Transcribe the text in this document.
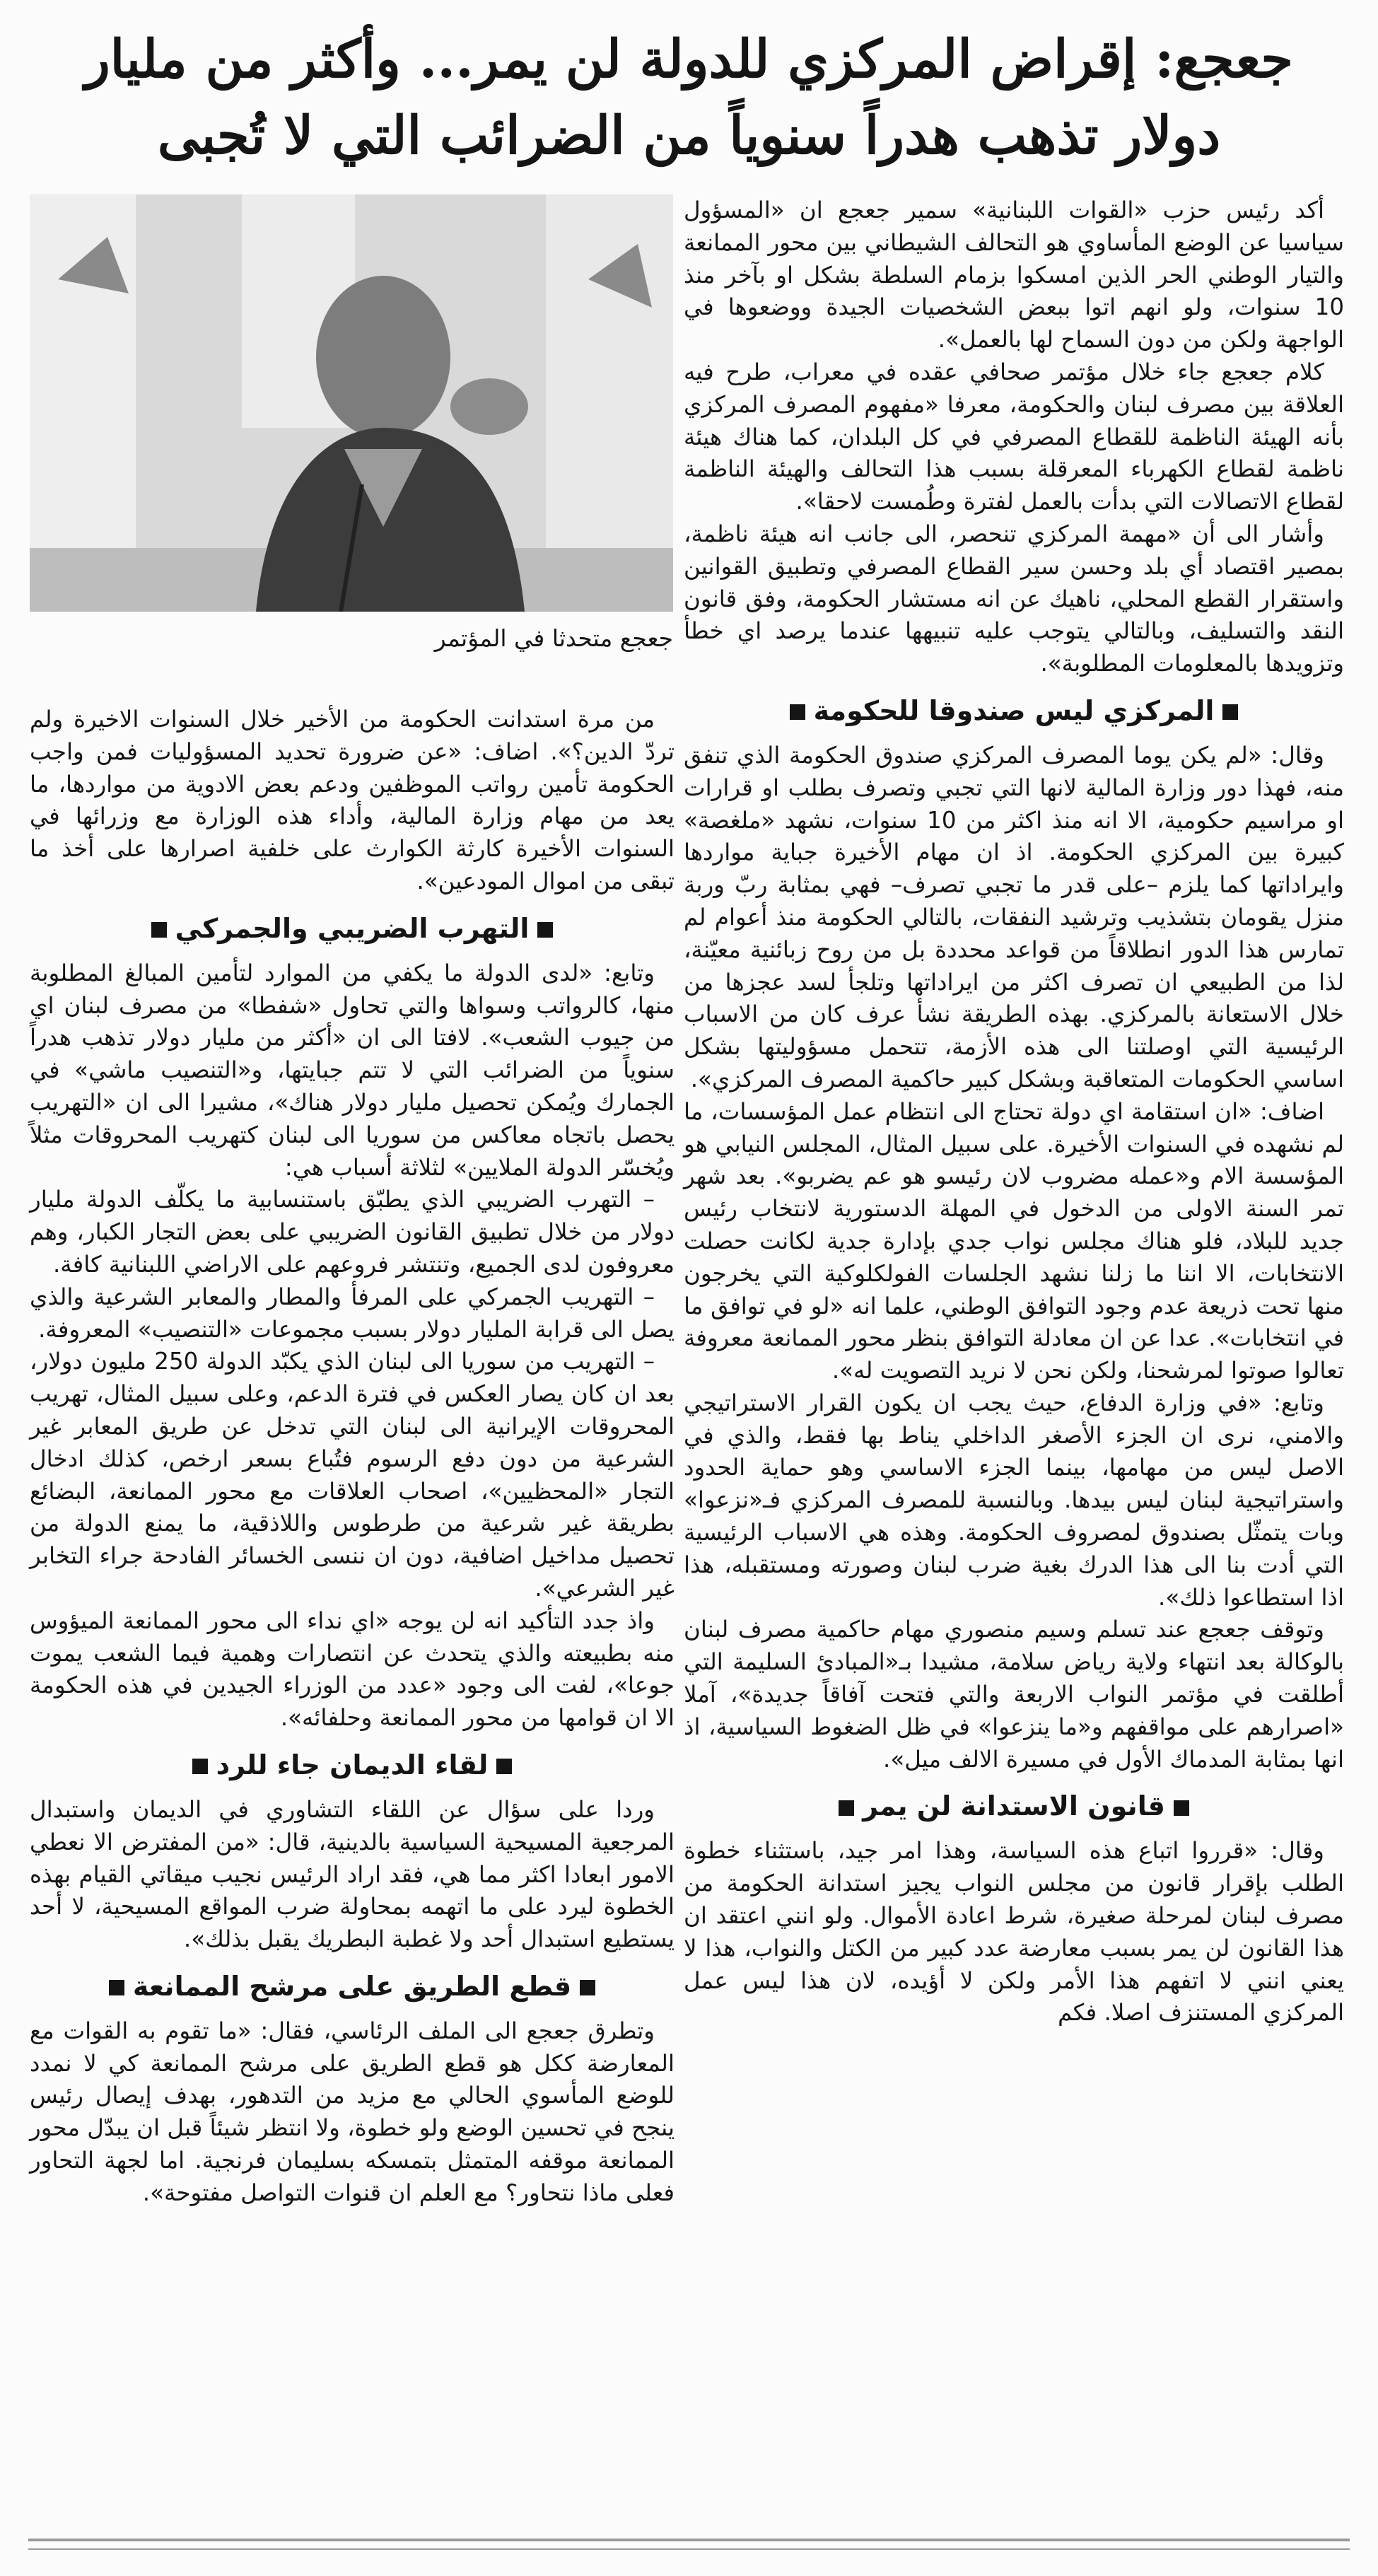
جعجع: إقراض المركزي للدولة لن يمر... وأكثر من مليار
دولار تذهب هدراً سنوياً من الضرائب التي لا تُجبى
جعجع متحدثا في المؤتمر

أكد رئيس حزب «القوات اللبنانية» سمير جعجع ان «المسؤول سياسيا عن الوضع المأساوي هو التحالف الشيطاني بين محور الممانعة والتيار الوطني الحر الذين امسكوا بزمام السلطة بشكل او بآخر منذ 10 سنوات، ولو انهم اتوا ببعض الشخصيات الجيدة ووضعوها في الواجهة ولكن من دون السماح لها بالعمل».

كلام جعجع جاء خلال مؤتمر صحافي عقده في معراب، طرح فيه العلاقة بين مصرف لبنان والحكومة، معرفا «مفهوم المصرف المركزي بأنه الهيئة الناظمة للقطاع المصرفي في كل البلدان، كما هناك هيئة ناظمة لقطاع الكهرباء المعرقلة بسبب هذا التحالف والهيئة الناظمة لقطاع الاتصالات التي بدأت بالعمل لفترة وطُمست لاحقا».

وأشار الى أن «مهمة المركزي تنحصر، الى جانب انه هيئة ناظمة، بمصير اقتصاد أي بلد وحسن سير القطاع المصرفي وتطبيق القوانين واستقرار القطع المحلي، ناهيك عن انه مستشار الحكومة، وفق قانون النقد والتسليف، وبالتالي يتوجب عليه تنبيهها عندما يرصد اي خطأ وتزويدها بالمعلومات المطلوبة».

المركزي ليس صندوقا للحكومة

وقال: «لم يكن يوما المصرف المركزي صندوق الحكومة الذي تنفق منه، فهذا دور وزارة المالية لانها التي تجبي وتصرف بطلب او قرارات او مراسيم حكومية، الا انه منذ اكثر من 10 سنوات، نشهد «ملغصة» كبيرة بين المركزي الحكومة. اذ ان مهام الأخيرة جباية مواردها وايراداتها كما يلزم –على قدر ما تجبي تصرف– فهي بمثابة ربّ وربة منزل يقومان بتشذيب وترشيد النفقات، بالتالي الحكومة منذ أعوام لم تمارس هذا الدور انطلاقاً من قواعد محددة بل من روح زبائنية معيّنة، لذا من الطبيعي ان تصرف اكثر من ايراداتها وتلجأ لسد عجزها من خلال الاستعانة بالمركزي. بهذه الطريقة نشأ عرف كان من الاسباب الرئيسية التي اوصلتنا الى هذه الأزمة، تتحمل مسؤوليتها بشكل اساسي الحكومات المتعاقبة وبشكل كبير حاكمية المصرف المركزي».

اضاف: «ان استقامة اي دولة تحتاج الى انتظام عمل المؤسسات، ما لم نشهده في السنوات الأخيرة. على سبيل المثال، المجلس النيابي هو المؤسسة الام و«عمله مضروب لان رئيسو هو عم يضربو». بعد شهر تمر السنة الاولى من الدخول في المهلة الدستورية لانتخاب رئيس جديد للبلاد، فلو هناك مجلس نواب جدي بإدارة جدية لكانت حصلت الانتخابات، الا اننا ما زلنا نشهد الجلسات الفولكلوكية التي يخرجون منها تحت ذريعة عدم وجود التوافق الوطني، علما انه «لو في توافق ما في انتخابات». عدا عن ان معادلة التوافق بنظر محور الممانعة معروفة تعالوا صوتوا لمرشحنا، ولكن نحن لا نريد التصويت له».

وتابع: «في وزارة الدفاع، حيث يجب ان يكون القرار الاستراتيجي والامني، نرى ان الجزء الأصغر الداخلي يناط بها فقط، والذي في الاصل ليس من مهامها، بينما الجزء الاساسي وهو حماية الحدود واستراتيجية لبنان ليس بيدها. وبالنسبة للمصرف المركزي فـ«نزعوا» وبات يتمثّل بصندوق لمصروف الحكومة. وهذه هي الاسباب الرئيسية التي أدت بنا الى هذا الدرك بغية ضرب لبنان وصورته ومستقبله، هذا اذا استطاعوا ذلك».

وتوقف جعجع عند تسلم وسيم منصوري مهام حاكمية مصرف لبنان بالوكالة بعد انتهاء ولاية رياض سلامة، مشيدا بـ«المبادئ السليمة التي أطلقت في مؤتمر النواب الاربعة والتي فتحت آفاقاً جديدة»، آملا «اصرارهم على مواقفهم و«ما ينزعوا» في ظل الضغوط السياسية، اذ انها بمثابة المدماك الأول في مسيرة الالف ميل».

قانون الاستدانة لن يمر

وقال: «قرروا اتباع هذه السياسة، وهذا امر جيد، باستثناء خطوة الطلب بإقرار قانون من مجلس النواب يجيز استدانة الحكومة من مصرف لبنان لمرحلة صغيرة، شرط اعادة الأموال. ولو انني اعتقد ان هذا القانون لن يمر بسبب معارضة عدد كبير من الكتل والنواب، هذا لا يعني انني لا اتفهم هذا الأمر ولكن لا أؤيده، لان هذا ليس عمل المركزي المستنزف اصلا. فكم

من مرة استدانت الحكومة من الأخير خلال السنوات الاخيرة ولم تردّ الدين؟». اضاف: «عن ضرورة تحديد المسؤوليات فمن واجب الحكومة تأمين رواتب الموظفين ودعم بعض الادوية من مواردها، ما يعد من مهام وزارة المالية، وأداء هذه الوزارة مع وزرائها في السنوات الأخيرة كارثة الكوارث على خلفية اصرارها على أخذ ما تبقى من اموال المودعين».

التهرب الضريبي والجمركي

وتابع: «لدى الدولة ما يكفي من الموارد لتأمين المبالغ المطلوبة منها، كالرواتب وسواها والتي تحاول «شفطا» من مصرف لبنان اي من جيوب الشعب». لافتا الى ان «أكثر من مليار دولار تذهب هدراً سنوياً من الضرائب التي لا تتم جبايتها، و«التنصيب ماشي» في الجمارك ويُمكن تحصيل مليار دولار هناك»، مشيرا الى ان «التهريب يحصل باتجاه معاكس من سوريا الى لبنان كتهريب المحروقات مثلاً ويُخسّر الدولة الملايين» لثلاثة أسباب هي:

– التهرب الضريبي الذي يطبّق باستنسابية ما يكلّف الدولة مليار دولار من خلال تطبيق القانون الضريبي على بعض التجار الكبار، وهم معروفون لدى الجميع، وتنتشر فروعهم على الاراضي اللبنانية كافة.

– التهريب الجمركي على المرفأ والمطار والمعابر الشرعية والذي يصل الى قرابة المليار دولار بسبب مجموعات «التنصيب» المعروفة.

– التهريب من سوريا الى لبنان الذي يكبّد الدولة 250 مليون دولار، بعد ان كان يصار العكس في فترة الدعم، وعلى سبيل المثال، تهريب المحروقات الإيرانية الى لبنان التي تدخل عن طريق المعابر غير الشرعية من دون دفع الرسوم فتُباع بسعر ارخص، كذلك ادخال التجار «المحظيين»، اصحاب العلاقات مع محور الممانعة، البضائع بطريقة غير شرعية من طرطوس واللاذقية، ما يمنع الدولة من تحصيل مداخيل اضافية، دون ان ننسى الخسائر الفادحة جراء التخابر غير الشرعي».

واذ جدد التأكيد انه لن يوجه «اي نداء الى محور الممانعة الميؤوس منه بطبيعته والذي يتحدث عن انتصارات وهمية فيما الشعب يموت جوعا»، لفت الى وجود «عدد من الوزراء الجيدين في هذه الحكومة الا ان قوامها من محور الممانعة وحلفائه».

لقاء الديمان جاء للرد

وردا على سؤال عن اللقاء التشاوري في الديمان واستبدال المرجعية المسيحية السياسية بالدينية، قال: «من المفترض الا نعطي الامور ابعادا اكثر مما هي، فقد اراد الرئيس نجيب ميقاتي القيام بهذه الخطوة ليرد على ما اتهمه بمحاولة ضرب المواقع المسيحية، لا أحد يستطيع استبدال أحد ولا غطبة البطريك يقبل بذلك».

قطع الطريق على مرشح الممانعة

وتطرق جعجع الى الملف الرئاسي، فقال: «ما تقوم به القوات مع المعارضة ككل هو قطع الطريق على مرشح الممانعة كي لا نمدد للوضع المأسوي الحالي مع مزيد من التدهور، بهدف إيصال رئيس ينجح في تحسين الوضع ولو خطوة، ولا انتظر شيئاً قبل ان يبدّل محور الممانعة موقفه المتمثل بتمسكه بسليمان فرنجية. اما لجهة التحاور فعلى ماذا نتحاور؟ مع العلم ان قنوات التواصل مفتوحة».
